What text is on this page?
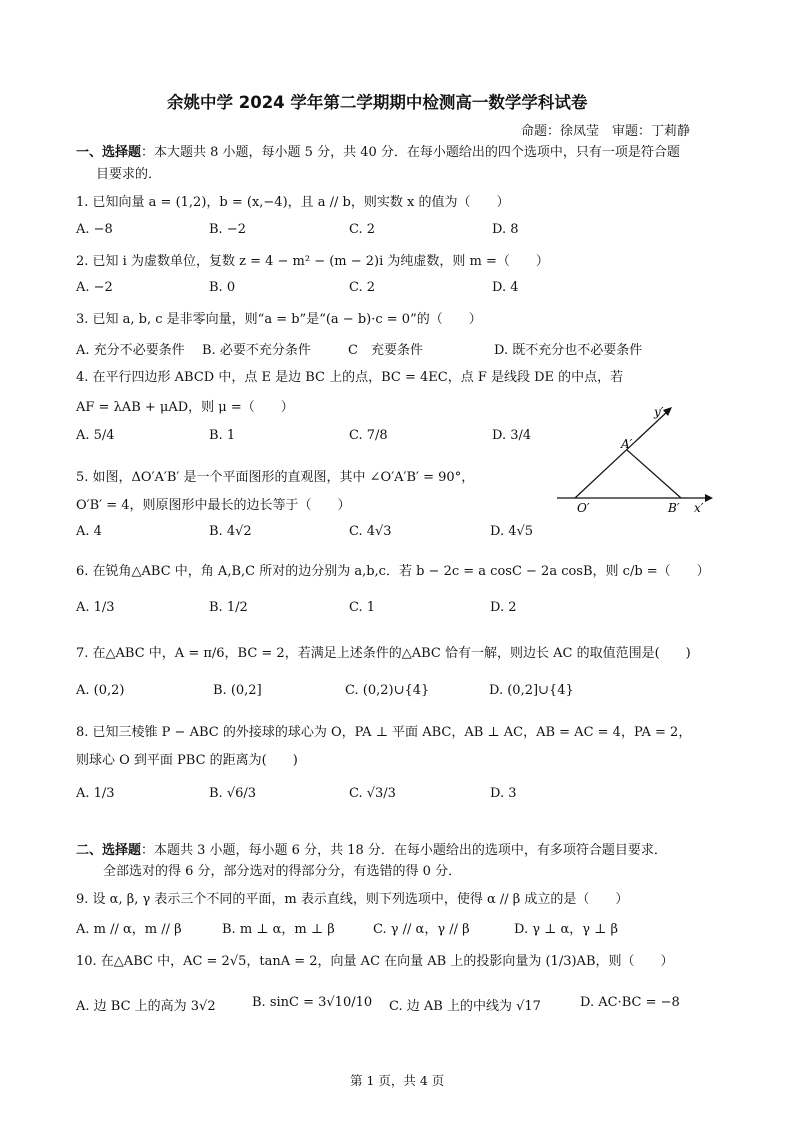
余姚中学 2024 学年第二学期期中检测高一数学学科试卷
命题：徐凤莹　审题：丁莉静
一、选择题：本大题共 8 小题，每小题 5 分，共 40 分．在每小题给出的四个选项中，只有一项是符合题
目要求的．
1. 已知向量 a = (1,2)，b = (x,−4)，且 a // b，则实数 x 的值为（　　）
A. −8	B. −2	C. 2	D. 8
2. 已知 i 为虚数单位，复数 z = 4 − m² − (m − 2)i 为纯虚数，则 m =（　　）
A. −2	B. 0	C. 2	D. 4
3. 已知 a, b, c 是非零向量，则“a = b”是“(a − b)·c = 0”的（　　）
A. 充分不必要条件 B. 必要不充分条件	C　充要条件	D. 既不充分也不必要条件
4. 在平行四边形 ABCD 中，点 E 是边 BC 上的点，BC = 4EC，点 F 是线段 DE 的中点，若
AF = λAB + μAD，则 μ =（　　）
A. 5/4	B. 1	C. 7/8	D. 3/4
y′
A′
O′	B′ x′
5. 如图，ΔO′A′B′ 是一个平面图形的直观图，其中 ∠O′A′B′ = 90°，
O′B′ = 4，则原图形中最长的边长等于（　　）
A. 4	B. 4√2	C. 4√3	D. 4√5
6. 在锐角△ABC 中，角 A,B,C 所对的边分别为 a,b,c．若 b − 2c = a cosC − 2a cosB，则 c/b =（　　）
A. 1/3	B. 1/2	C. 1	D. 2
7. 在△ABC 中，A = π/6，BC = 2，若满足上述条件的△ABC 恰有一解，则边长 AC 的取值范围是(　　)
A. (0,2)	B. (0,2]	C. (0,2)∪{4}	D. (0,2]∪{4}
8. 已知三棱锥 P − ABC 的外接球的球心为 O，PA ⊥ 平面 ABC，AB ⊥ AC，AB = AC = 4，PA = 2，
则球心 O 到平面 PBC 的距离为(　　)
A. 1/3	B. √6/3	C. √3/3	D. 3
二、选择题：本题共 3 小题，每小题 6 分，共 18 分．在每小题给出的选项中，有多项符合题目要求．
全部选对的得 6 分，部分选对的得部分分，有选错的得 0 分．
9. 设 α, β, γ 表示三个不同的平面，m 表示直线，则下列选项中，使得 α // β 成立的是（　　）
A. m // α，m // β	B. m ⊥ α，m ⊥ β	C. γ // α，γ // β	D. γ ⊥ α，γ ⊥ β
10. 在△ABC 中，AC = 2√5，tanA = 2，向量 AC 在向量 AB 上的投影向量为 (1/3)AB，则（　　）
A. 边 BC 上的高为 3√2	B. sinC = 3√10/10 C. 边 AB 上的中线为 √17	D. AC·BC = −8
第 1 页，共 4 页
